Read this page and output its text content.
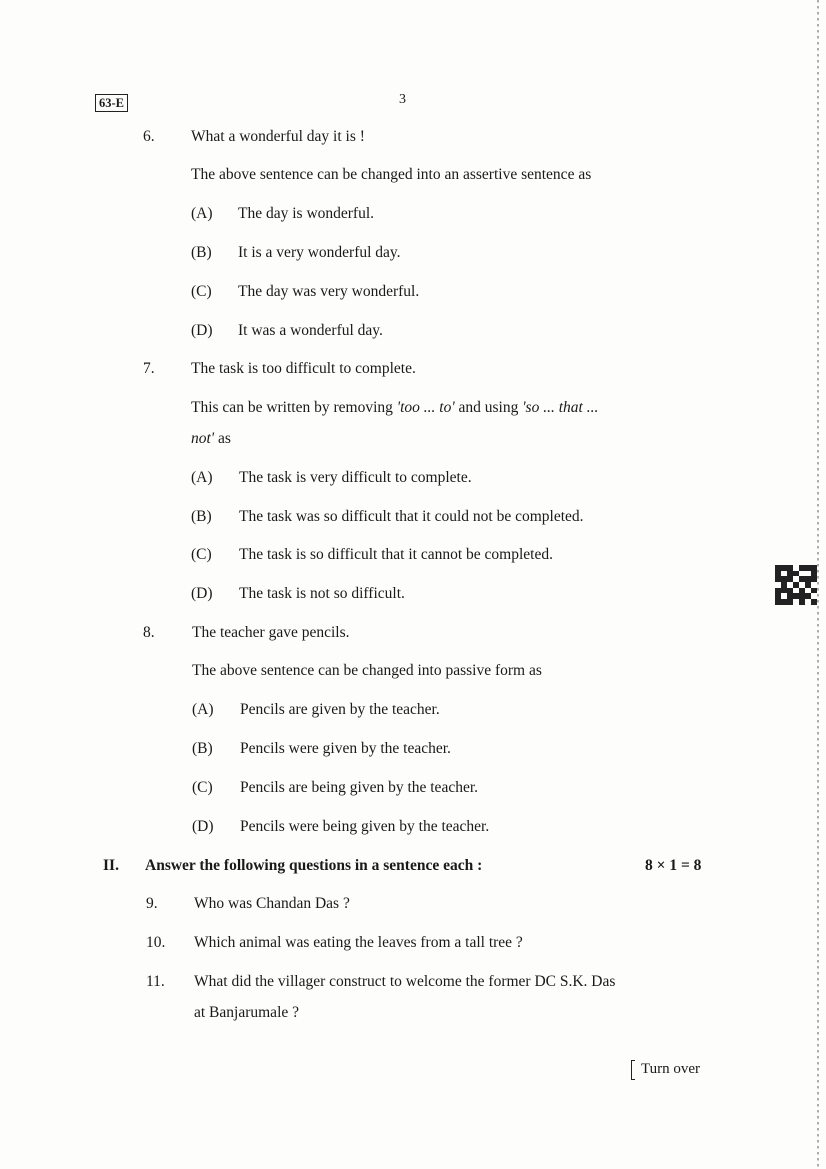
63-E	3
6. What a wonderful day it is !
The above sentence can be changed into an assertive sentence as
(A) The day is wonderful.
(B) It is a very wonderful day.
(C) The day was very wonderful.
(D) It was a wonderful day.
7. The task is too difficult to complete.
This can be written by removing 'too ... to' and using 'so ... that ...
not' as
(A) The task is very difficult to complete.
(B) The task was so difficult that it could not be completed.
(C) The task is so difficult that it cannot be completed.
(D) The task is not so difficult.
8. The teacher gave pencils.
The above sentence can be changed into passive form as
(A) Pencils are given by the teacher.
(B) Pencils were given by the teacher.
(C) Pencils are being given by the teacher.
(D) Pencils were being given by the teacher.
II. Answer the following questions in a sentence each :	8 × 1 = 8
9. Who was Chandan Das ?
10. Which animal was eating the leaves from a tall tree ?
11. What did the villager construct to welcome the former DC S.K. Das
at Banjarumale ?
Turn over
